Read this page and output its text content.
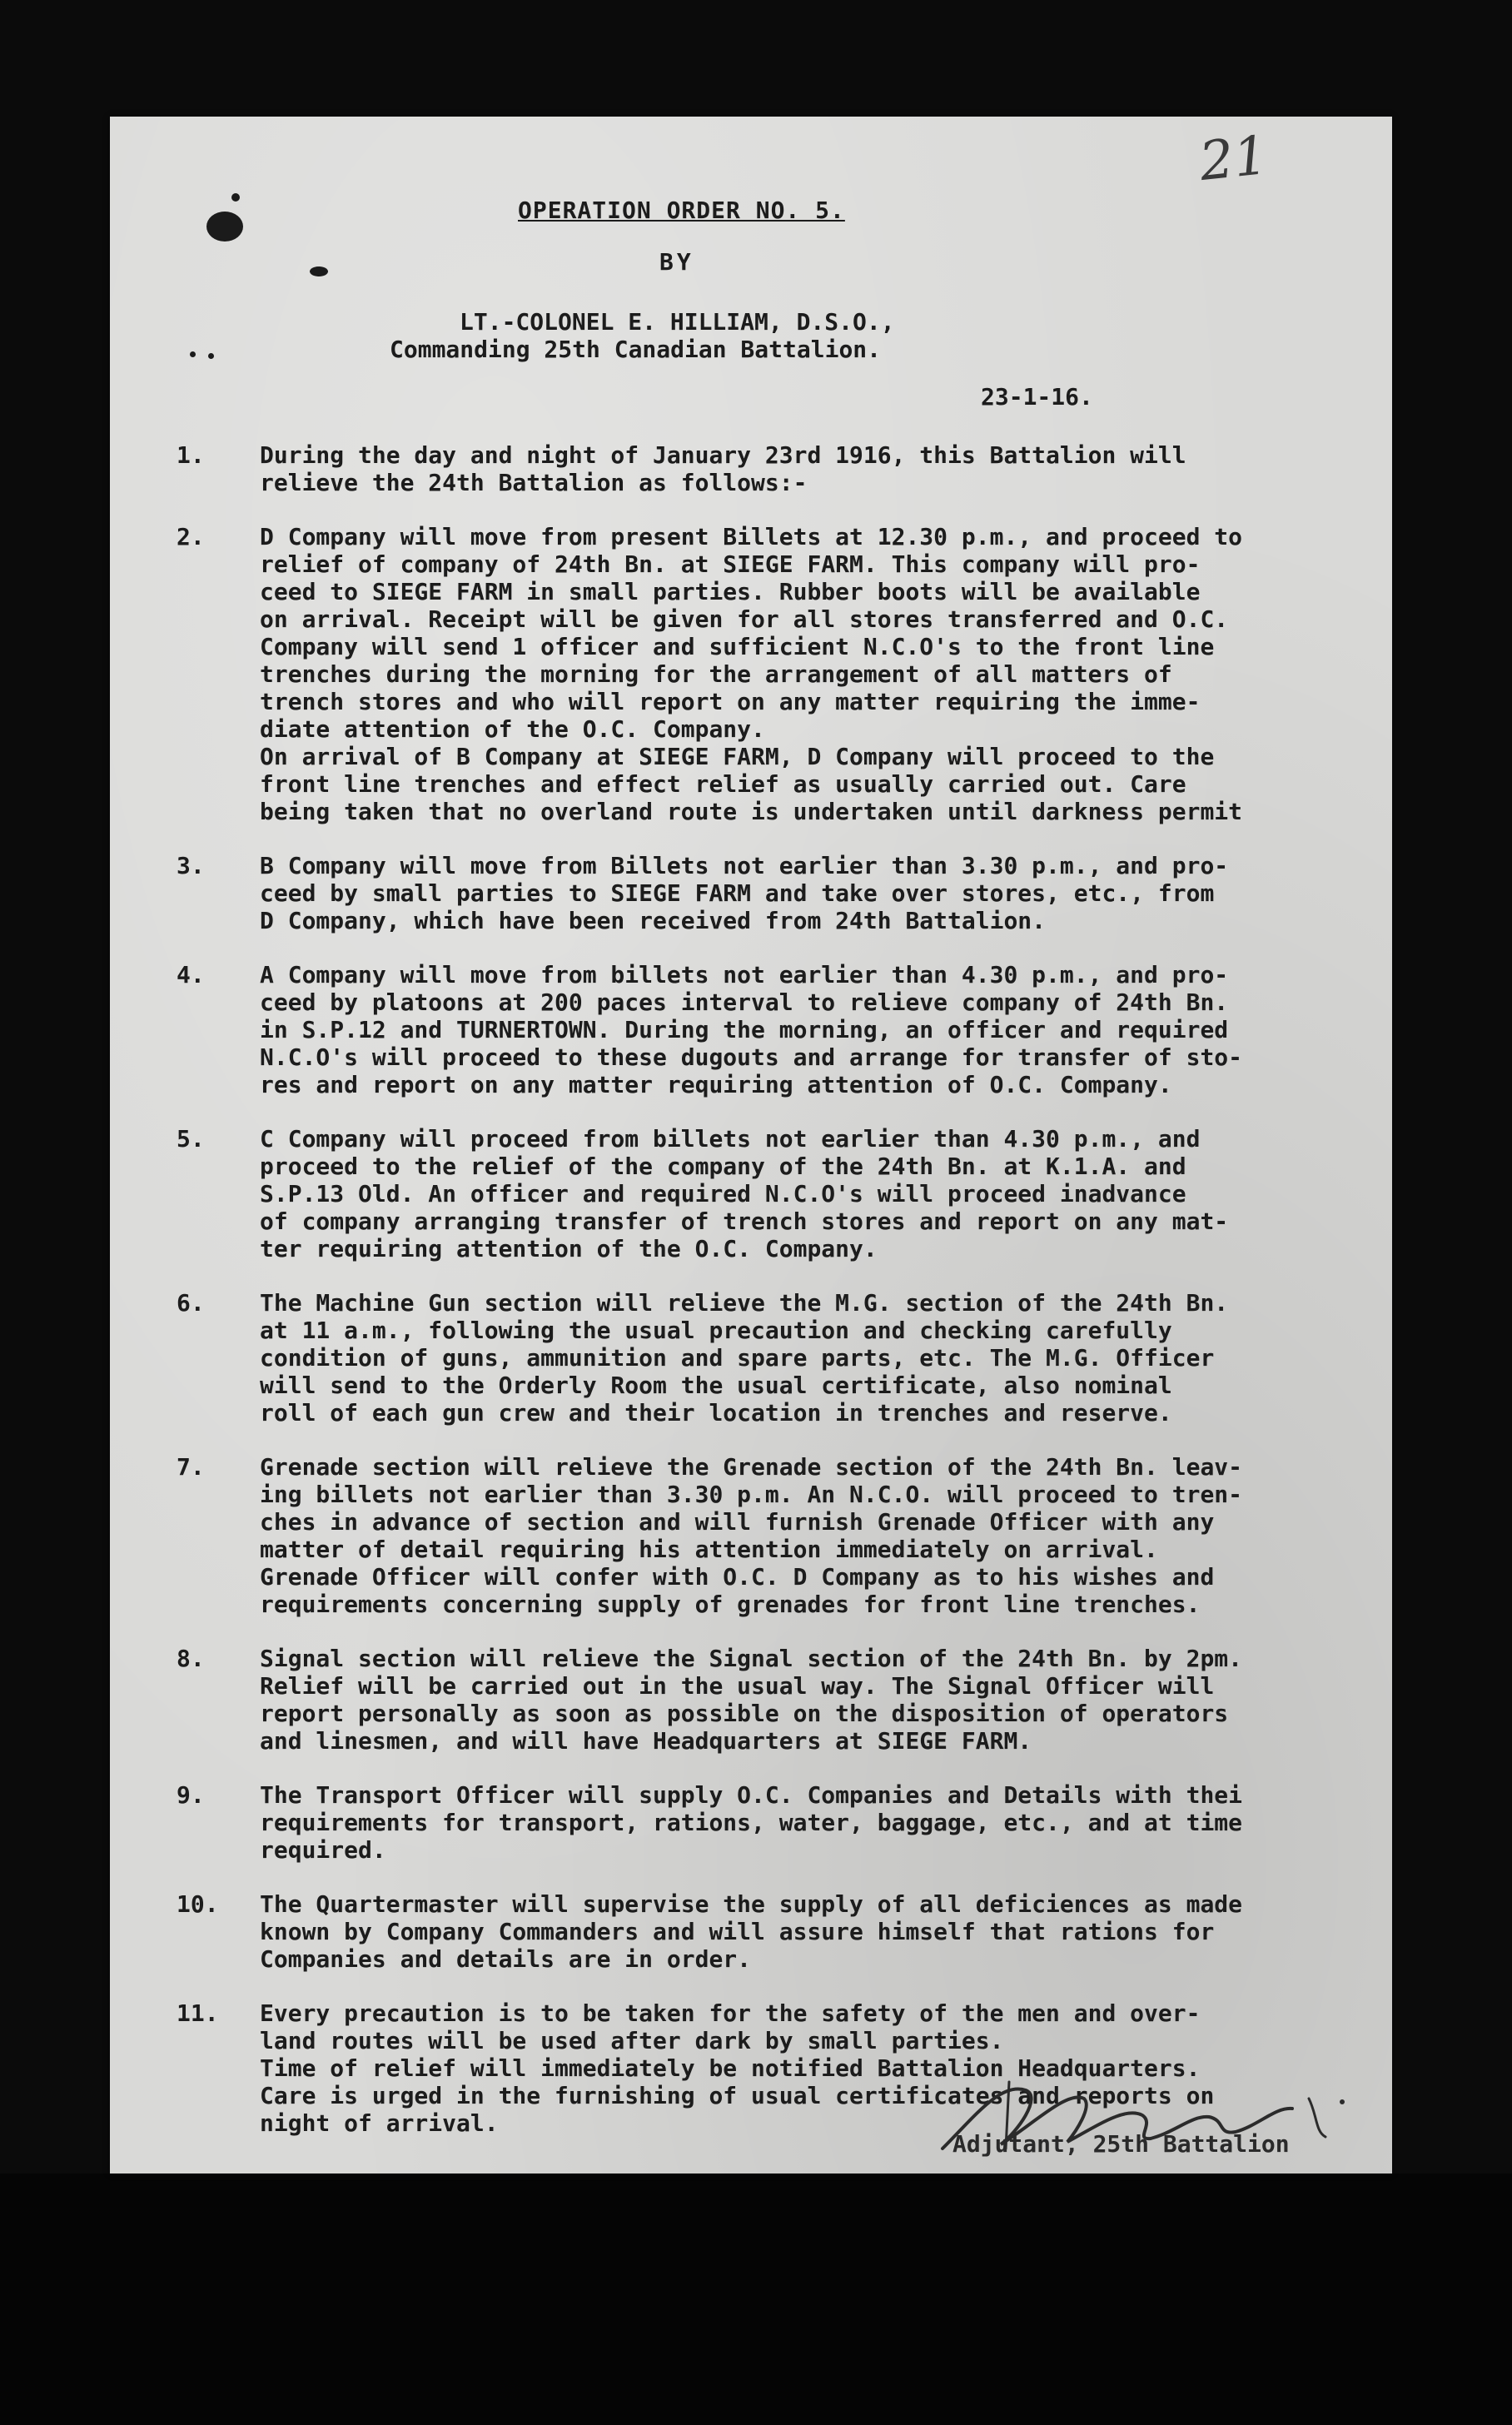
21
OPERATION ORDER NO. 5.
BY
LT.-COLONEL E. HILLIAM, D.S.O.,
Commanding 25th Canadian Battalion.
23-1-16.
1.	During the day and night of January 23rd 1916, this Battalion will
relieve the 24th Battalion as follows:-
2.	D Company will move from present Billets at 12.30 p.m., and proceed to
relief of company of 24th Bn. at SIEGE FARM. This company will pro-
ceed to SIEGE FARM in small parties. Rubber boots will be available
on arrival. Receipt will be given for all stores transferred and O.C.
Company will send 1 officer and sufficient N.C.O's to the front line
trenches during the morning for the arrangement of all matters of
trench stores and who will report on any matter requiring the imme-
diate attention of the O.C. Company.
On arrival of B Company at SIEGE FARM, D Company will proceed to the
front line trenches and effect relief as usually carried out. Care
being taken that no overland route is undertaken until darkness permit
3.	B Company will move from Billets not earlier than 3.30 p.m., and pro-
ceed by small parties to SIEGE FARM and take over stores, etc., from
D Company, which have been received from 24th Battalion.
4.	A Company will move from billets not earlier than 4.30 p.m., and pro-
ceed by platoons at 200 paces interval to relieve company of 24th Bn.
in S.P.12 and TURNERTOWN. During the morning, an officer and required
N.C.O's will proceed to these dugouts and arrange for transfer of sto-
res and report on any matter requiring attention of O.C. Company.
5.	C Company will proceed from billets not earlier than 4.30 p.m., and
proceed to the relief of the company of the 24th Bn. at K.1.A. and
S.P.13 Old. An officer and required N.C.O's will proceed inadvance
of company arranging transfer of trench stores and report on any mat-
ter requiring attention of the O.C. Company.
6.	The Machine Gun section will relieve the M.G. section of the 24th Bn.
at 11 a.m., following the usual precaution and checking carefully
condition of guns, ammunition and spare parts, etc. The M.G. Officer
will send to the Orderly Room the usual certificate, also nominal
roll of each gun crew and their location in trenches and reserve.
7.	Grenade section will relieve the Grenade section of the 24th Bn. leav-
ing billets not earlier than 3.30 p.m. An N.C.O. will proceed to tren-
ches in advance of section and will furnish Grenade Officer with any
matter of detail requiring his attention immediately on arrival.
Grenade Officer will confer with O.C. D Company as to his wishes and
requirements concerning supply of grenades for front line trenches.
8.	Signal section will relieve the Signal section of the 24th Bn. by 2pm.
Relief will be carried out in the usual way. The Signal Officer will
report personally as soon as possible on the disposition of operators
and linesmen, and will have Headquarters at SIEGE FARM.
9.	The Transport Officer will supply O.C. Companies and Details with thei
requirements for transport, rations, water, baggage, etc., and at time
required.
10.	The Quartermaster will supervise the supply of all deficiences as made
known by Company Commanders and will assure himself that rations for
Companies and details are in order.
11.	Every precaution is to be taken for the safety of the men and over-
land routes will be used after dark by small parties.
Time of relief will immediately be notified Battalion Headquarters.
Care is urged in the furnishing of usual certificates and reports on
night of arrival.
Adjutant, 25th Battalion
